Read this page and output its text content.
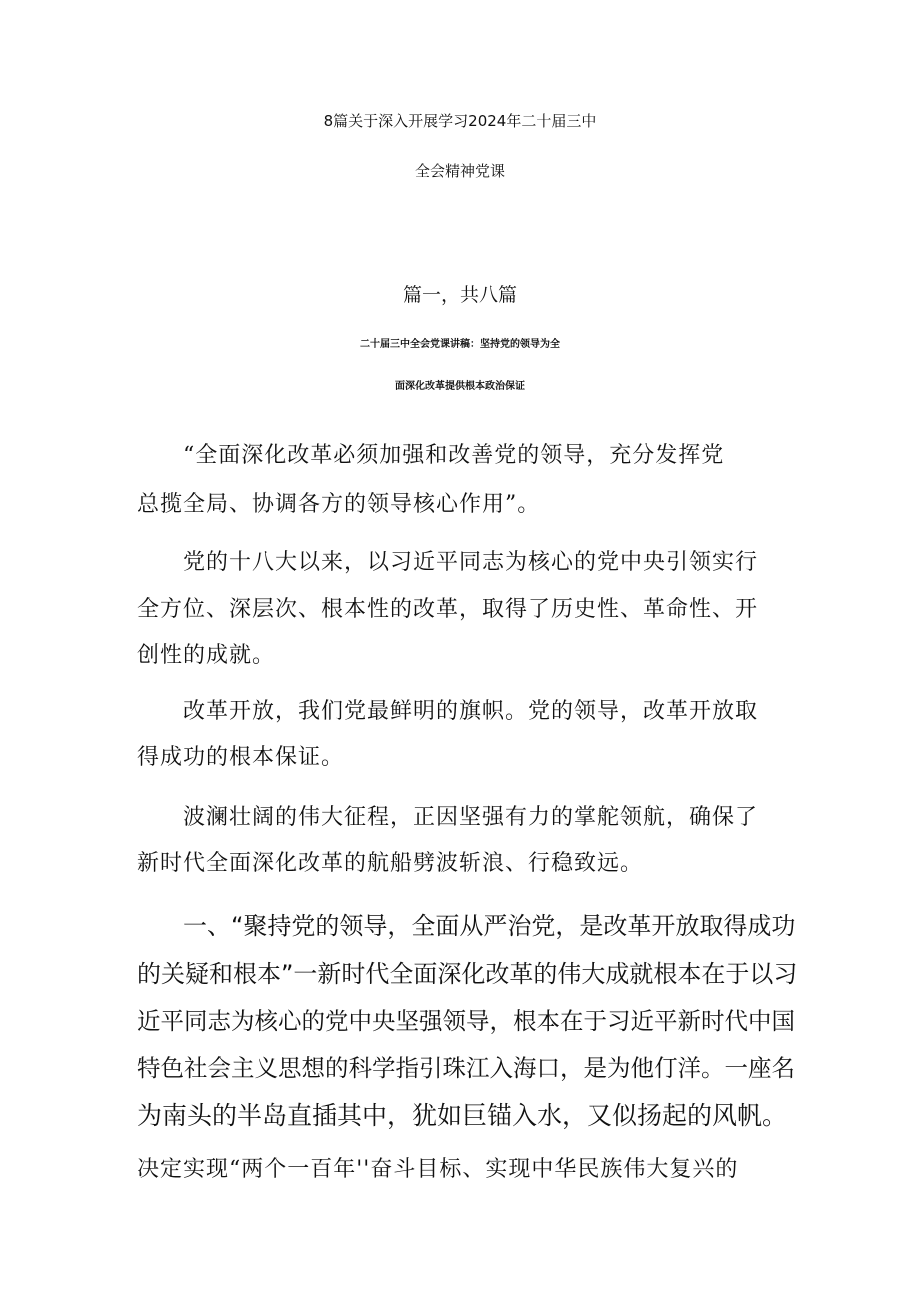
8篇关于深入开展学习2024年二十届三中
全会精神党课
篇一，共八篇
二十届三中全会党课讲稿：坚持党的领导为全
面深化改革提供根本政治保证
“全面深化改革必须加强和改善党的领导，充分发挥党
总揽全局、协调各方的领导核心作用”。
党的十八大以来，以习近平同志为核心的党中央引领实行
全方位、深层次、根本性的改革，取得了历史性、革命性、开
创性的成就。
改革开放，我们党最鲜明的旗帜。党的领导，改革开放取
得成功的根本保证。
波澜壮阔的伟大征程，正因坚强有力的掌舵领航，确保了
新时代全面深化改革的航船劈波斩浪、行稳致远。
一、“聚持党的领导，全面从严治党，是改革开放取得成功
的关疑和根本”一新时代全面深化改革的伟大成就根本在于以习
近平同志为核心的党中央坚强领导，根本在于习近平新时代中国
特色社会主义思想的科学指引珠江入海口，是为他仃洋。一座名
为南头的半岛直插其中，犹如巨锚入水，又似扬起的风帆。
决定实现“两个一百年''奋斗目标、实现中华民族伟大复兴的
